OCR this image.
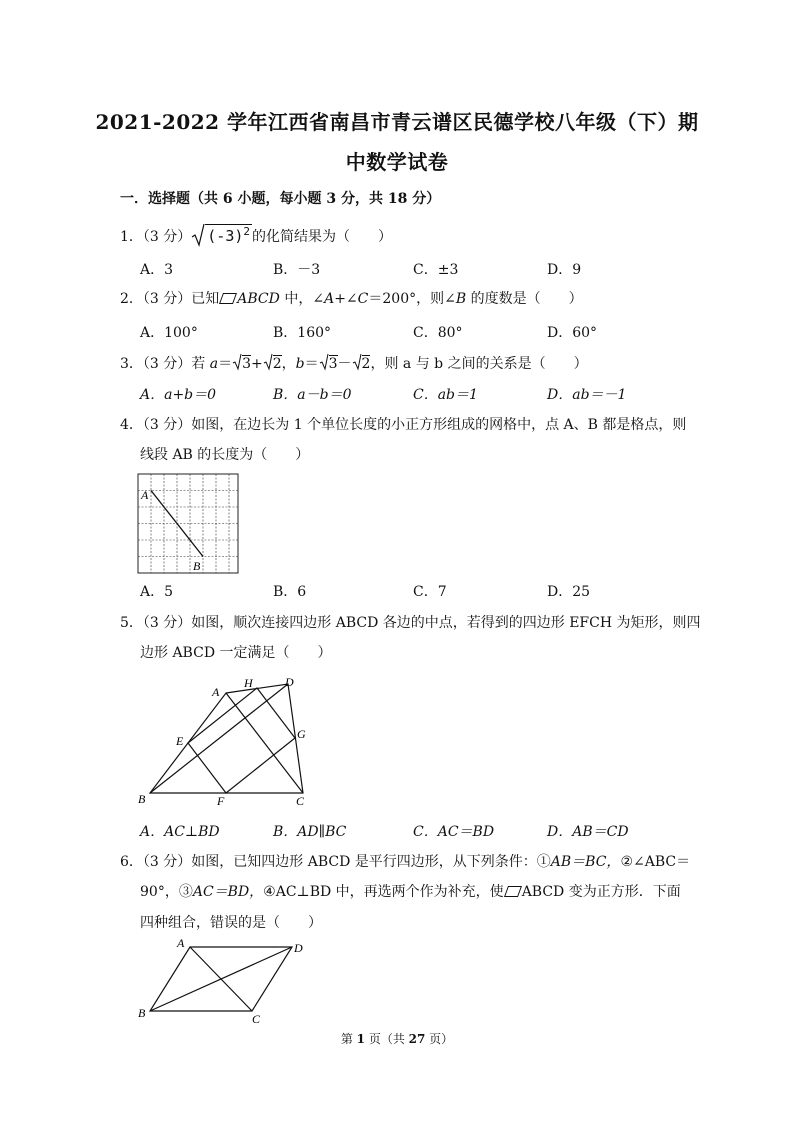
2021-2022 学年江西省南昌市青云谱区民德学校八年级（下）期
中数学试卷
一．选择题（共 6 小题，每小题 3 分，共 18 分）
1．（3 分） $(-3)^2$ 的化简结果为（　　）
A．3	B．－3	C．±3	D．9
2．（3 分）已知 ABCD 中，∠A+∠C＝200°，则∠B 的度数是（　　）
A．100°	B．160°	C．80°	D．60°
3．（3 分）若 a＝ 3+ 2，b＝ 3－ 2，则 a 与 b 之间的关系是（　　）
A．a+b＝0	B．a－b＝0	C．ab＝1	D．ab＝－1
4．（3 分）如图，在边长为 1 个单位长度的小正方形组成的网格中，点 A、B 都是格点，则
线段 AB 的长度为（　　）
A
B
A．5	B．6	C．7	D．25
5．（3 分）如图，顺次连接四边形 ABCD 各边的中点，若得到的四边形 EFCH 为矩形，则四
边形 ABCD 一定满足（　　）
A
H	D
E	G
B	F	C
A．AC⊥BD	B．AD∥BC	C．AC＝BD	D．AB＝CD
6．（3 分）如图，已知四边形 ABCD 是平行四边形，从下列条件：①AB＝BC，②∠ABC＝
90°，③AC＝BD，④AC⊥BD 中，再选两个作为补充，使 ABCD 变为正方形．下面
四种组合，错误的是（　　）
A	D
B	C
第 1 页（共 27 页）
